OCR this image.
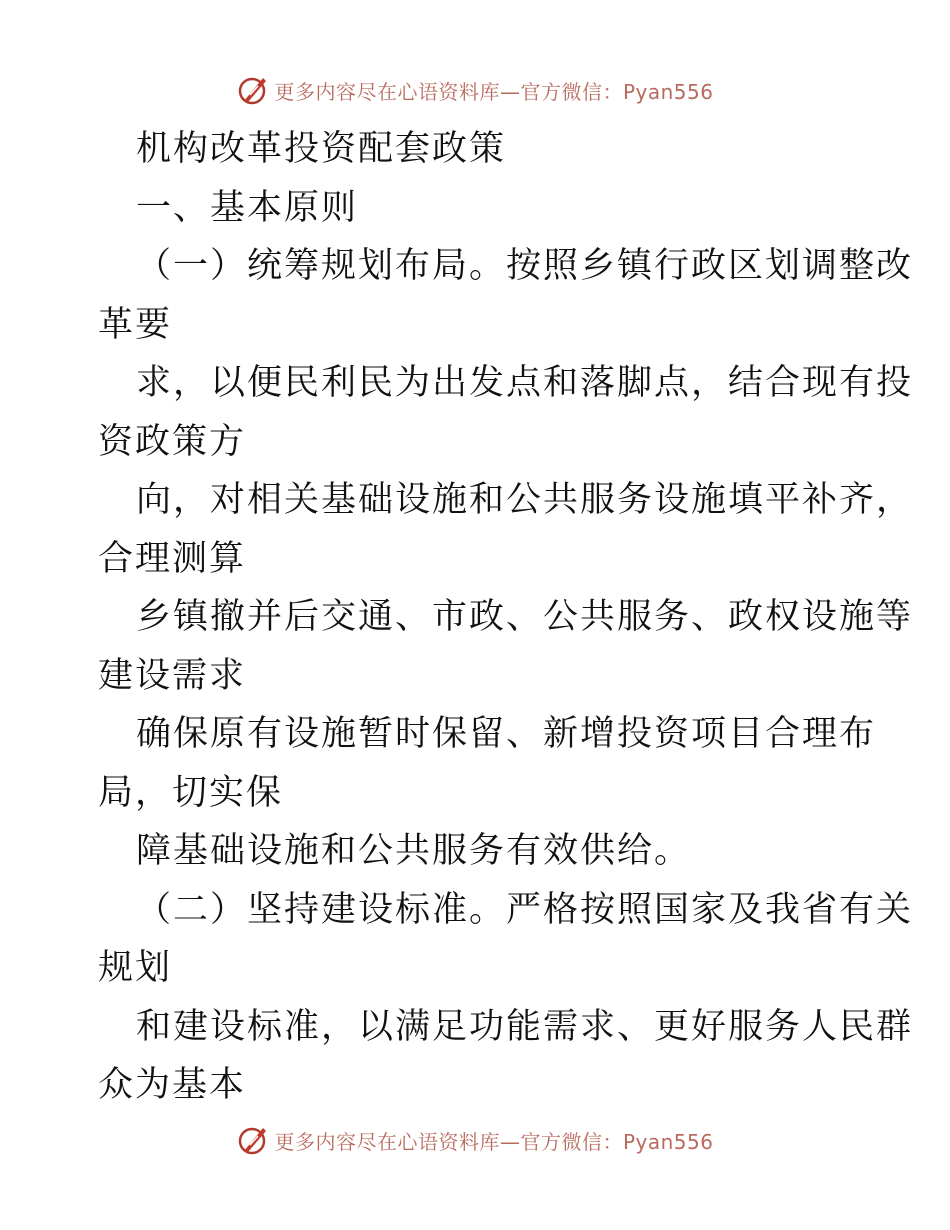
更多内容尽在心语资料库—官方微信：Pyan556
机构改革投资配套政策
一、基本原则
（一）统筹规划布局。按照乡镇行政区划调整改
革要
求，以便民利民为出发点和落脚点，结合现有投
资政策方
向，对相关基础设施和公共服务设施填平补齐，
合理测算
乡镇撤并后交通、市政、公共服务、政权设施等
建设需求
确保原有设施暂时保留、新增投资项目合理布
局，切实保
障基础设施和公共服务有效供给。
（二）坚持建设标准。严格按照国家及我省有关
规划
和建设标准，以满足功能需求、更好服务人民群
众为基本
更多内容尽在心语资料库—官方微信：Pyan556
